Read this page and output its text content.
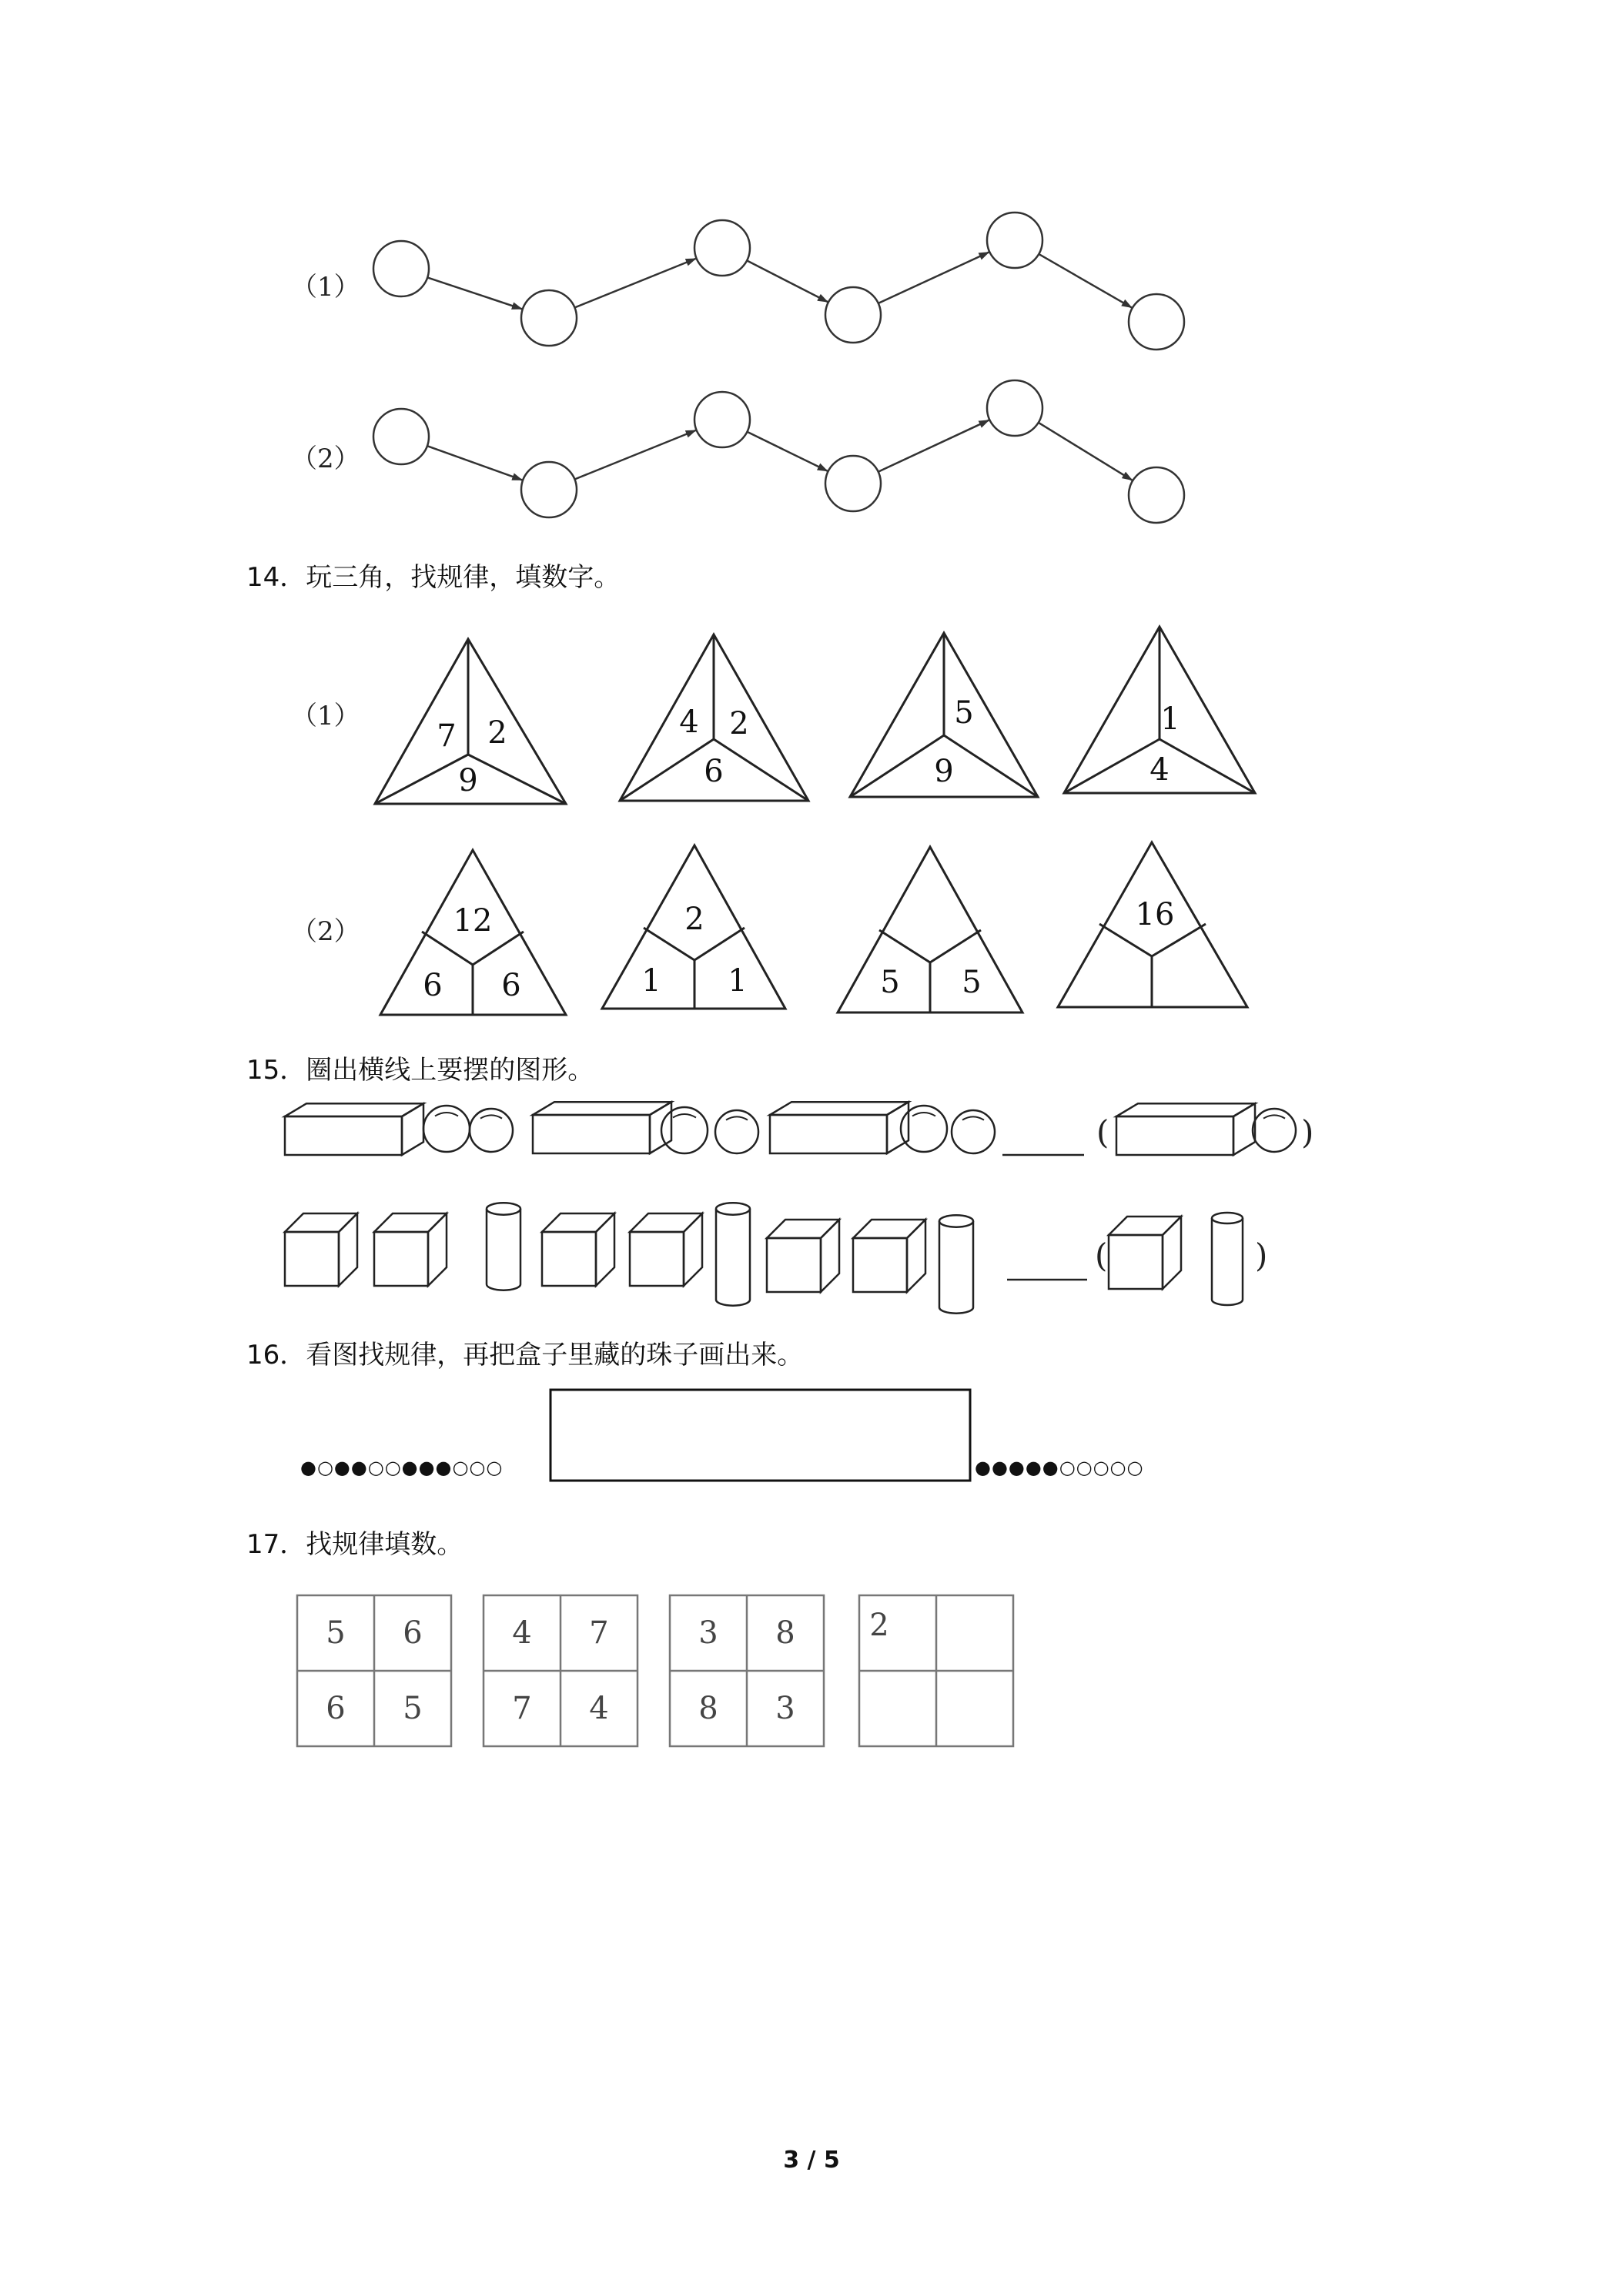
（1）
（2）
14．玩三角，找规律，填数字。
（1）
（2）
7 2
9
4 2
6
5
9
1
4
12
6 6
2
1 1	5 5
16
15．圈出横线上要摆的图形。
(	)
(	)
16．看图找规律，再把盒子里藏的珠子画出来。
●○●●○○●●●○○○	●●●●●○○○○○
17．找规律填数。
5 6
6 5
4 7
7 4
3 8
8 3
2
3 / 5
